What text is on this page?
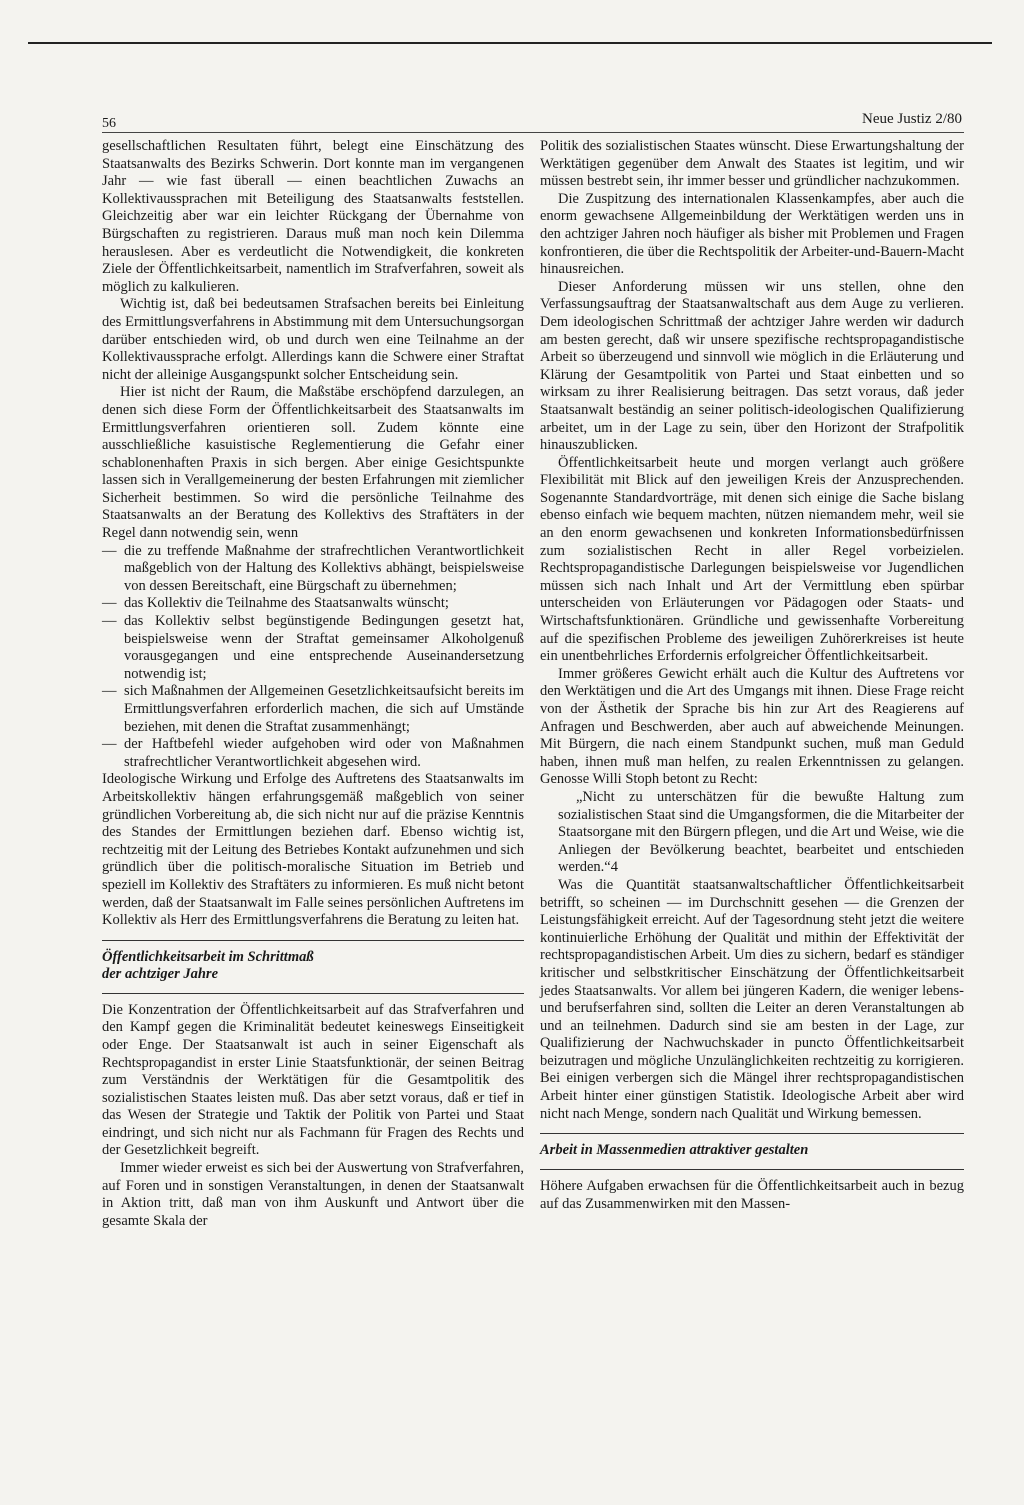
56	Neue Justiz 2/80

gesellschaftlichen Resultaten führt, belegt eine Einschätzung des Staatsanwalts des Bezirks Schwerin. Dort konnte man im vergangenen Jahr — wie fast überall — einen beachtlichen Zuwachs an Kollektivaussprachen mit Beteiligung des Staatsanwalts feststellen. Gleichzeitig aber war ein leichter Rückgang der Übernahme von Bürgschaften zu registrieren. Daraus muß man noch kein Dilemma herauslesen. Aber es verdeutlicht die Notwendigkeit, die konkreten Ziele der Öffentlichkeitsarbeit, namentlich im Strafverfahren, soweit als möglich zu kalkulieren.

Wichtig ist, daß bei bedeutsamen Strafsachen bereits bei Einleitung des Ermittlungsverfahrens in Abstimmung mit dem Untersuchungsorgan darüber entschieden wird, ob und durch wen eine Teilnahme an der Kollektivaussprache erfolgt. Allerdings kann die Schwere einer Straftat nicht der alleinige Ausgangspunkt solcher Entscheidung sein.

Hier ist nicht der Raum, die Maßstäbe erschöpfend darzulegen, an denen sich diese Form der Öffentlichkeitsarbeit des Staatsanwalts im Ermittlungsverfahren orientieren soll. Zudem könnte eine ausschließliche kasuistische Reglementierung die Gefahr einer schablonenhaften Praxis in sich bergen. Aber einige Gesichtspunkte lassen sich in Verallgemeinerung der besten Erfahrungen mit ziemlicher Sicherheit bestimmen. So wird die persönliche Teilnahme des Staatsanwalts an der Beratung des Kollektivs des Straftäters in der Regel dann notwendig sein, wenn

— die zu treffende Maßnahme der strafrechtlichen Verantwortlichkeit maßgeblich von der Haltung des Kollektivs abhängt, beispielsweise von dessen Bereitschaft, eine Bürgschaft zu übernehmen;
— das Kollektiv die Teilnahme des Staatsanwalts wünscht;
— das Kollektiv selbst begünstigende Bedingungen gesetzt hat, beispielsweise wenn der Straftat gemeinsamer Alkoholgenuß vorausgegangen und eine entsprechende Auseinandersetzung notwendig ist;
— sich Maßnahmen der Allgemeinen Gesetzlichkeitsaufsicht bereits im Ermittlungsverfahren erforderlich machen, die sich auf Umstände beziehen, mit denen die Straftat zusammenhängt;
— der Haftbefehl wieder aufgehoben wird oder von Maßnahmen strafrechtlicher Verantwortlichkeit abgesehen wird.

Ideologische Wirkung und Erfolge des Auftretens des Staatsanwalts im Arbeitskollektiv hängen erfahrungsgemäß maßgeblich von seiner gründlichen Vorbereitung ab, die sich nicht nur auf die präzise Kenntnis des Standes der Ermittlungen beziehen darf. Ebenso wichtig ist, rechtzeitig mit der Leitung des Betriebes Kontakt aufzunehmen und sich gründlich über die politisch-moralische Situation im Betrieb und speziell im Kollektiv des Straftäters zu informieren. Es muß nicht betont werden, daß der Staatsanwalt im Falle seines persönlichen Auftretens im Kollektiv als Herr des Ermittlungsverfahrens die Beratung zu leiten hat.

Öffentlichkeitsarbeit im Schrittmaß
der achtziger Jahre

Die Konzentration der Öffentlichkeitsarbeit auf das Strafverfahren und den Kampf gegen die Kriminalität bedeutet keineswegs Einseitigkeit oder Enge. Der Staatsanwalt ist auch in seiner Eigenschaft als Rechtspropagandist in erster Linie Staatsfunktionär, der seinen Beitrag zum Verständnis der Werktätigen für die Gesamtpolitik des sozialistischen Staates leisten muß. Das aber setzt voraus, daß er tief in das Wesen der Strategie und Taktik der Politik von Partei und Staat eindringt, und sich nicht nur als Fachmann für Fragen des Rechts und der Gesetzlichkeit begreift.

Immer wieder erweist es sich bei der Auswertung von Strafverfahren, auf Foren und in sonstigen Veranstaltungen, in denen der Staatsanwalt in Aktion tritt, daß man von ihm Auskunft und Antwort über die gesamte Skala der

Politik des sozialistischen Staates wünscht. Diese Erwartungshaltung der Werktätigen gegenüber dem Anwalt des Staates ist legitim, und wir müssen bestrebt sein, ihr immer besser und gründlicher nachzukommen.

Die Zuspitzung des internationalen Klassenkampfes, aber auch die enorm gewachsene Allgemeinbildung der Werktätigen werden uns in den achtziger Jahren noch häufiger als bisher mit Problemen und Fragen konfrontieren, die über die Rechtspolitik der Arbeiter-und-Bauern-Macht hinausreichen.

Dieser Anforderung müssen wir uns stellen, ohne den Verfassungsauftrag der Staatsanwaltschaft aus dem Auge zu verlieren. Dem ideologischen Schrittmaß der achtziger Jahre werden wir dadurch am besten gerecht, daß wir unsere spezifische rechtspropagandistische Arbeit so überzeugend und sinnvoll wie möglich in die Erläuterung und Klärung der Gesamtpolitik von Partei und Staat einbetten und so wirksam zu ihrer Realisierung beitragen. Das setzt voraus, daß jeder Staatsanwalt beständig an seiner politisch-ideologischen Qualifizierung arbeitet, um in der Lage zu sein, über den Horizont der Strafpolitik hinauszublicken.

Öffentlichkeitsarbeit heute und morgen verlangt auch größere Flexibilität mit Blick auf den jeweiligen Kreis der Anzusprechenden. Sogenannte Standardvorträge, mit denen sich einige die Sache bislang ebenso einfach wie bequem machten, nützen niemandem mehr, weil sie an den enorm gewachsenen und konkreten Informationsbedürfnissen zum sozialistischen Recht in aller Regel vorbeizielen. Rechtspropagandistische Darlegungen beispielsweise vor Jugendlichen müssen sich nach Inhalt und Art der Vermittlung eben spürbar unterscheiden von Erläuterungen vor Pädagogen oder Staats- und Wirtschaftsfunktionären. Gründliche und gewissenhafte Vorbereitung auf die spezifischen Probleme des jeweiligen Zuhörerkreises ist heute ein unentbehrliches Erfordernis erfolgreicher Öffentlichkeitsarbeit.

Immer größeres Gewicht erhält auch die Kultur des Auftretens vor den Werktätigen und die Art des Umgangs mit ihnen. Diese Frage reicht von der Ästhetik der Sprache bis hin zur Art des Reagierens auf Anfragen und Beschwerden, aber auch auf abweichende Meinungen. Mit Bürgern, die nach einem Standpunkt suchen, muß man Geduld haben, ihnen muß man helfen, zu realen Erkenntnissen zu gelangen. Genosse Willi Stoph betont zu Recht:

„Nicht zu unterschätzen für die bewußte Haltung zum sozialistischen Staat sind die Umgangsformen, die die Mitarbeiter der Staatsorgane mit den Bürgern pflegen, und die Art und Weise, wie die Anliegen der Bevölkerung beachtet, bearbeitet und entschieden werden.“4

Was die Quantität staatsanwaltschaftlicher Öffentlichkeitsarbeit betrifft, so scheinen — im Durchschnitt gesehen — die Grenzen der Leistungsfähigkeit erreicht. Auf der Tagesordnung steht jetzt die weitere kontinuierliche Erhöhung der Qualität und mithin der Effektivität der rechtspropagandistischen Arbeit. Um dies zu sichern, bedarf es ständiger kritischer und selbstkritischer Einschätzung der Öffentlichkeitsarbeit jedes Staatsanwalts. Vor allem bei jüngeren Kadern, die weniger lebens- und berufserfahren sind, sollten die Leiter an deren Veranstaltungen ab und an teilnehmen. Dadurch sind sie am besten in der Lage, zur Qualifizierung der Nachwuchskader in puncto Öffentlichkeitsarbeit beizutragen und mögliche Unzulänglichkeiten rechtzeitig zu korrigieren. Bei einigen verbergen sich die Mängel ihrer rechtspropagandistischen Arbeit hinter einer günstigen Statistik. Ideologische Arbeit aber wird nicht nach Menge, sondern nach Qualität und Wirkung bemessen.

Arbeit in Massenmedien attraktiver gestalten

Höhere Aufgaben erwachsen für die Öffentlichkeitsarbeit auch in bezug auf das Zusammenwirken mit den Massen-
